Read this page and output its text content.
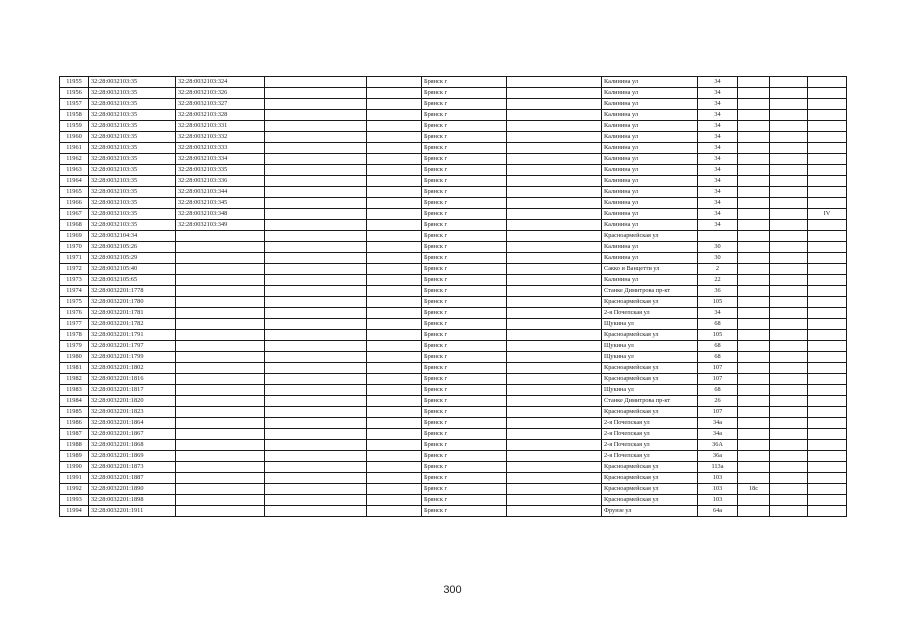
11955	32:28:0032103:35	32:28:0032103:324			Брянск г		Калинина ул	34			
11956	32:28:0032103:35	32:28:0032103:326			Брянск г		Калинина ул	34			
11957	32:28:0032103:35	32:28:0032103:327			Брянск г		Калинина ул	34			
11958	32:28:0032103:35	32:28:0032103:328			Брянск г		Калинина ул	34			
11959	32:28:0032103:35	32:28:0032103:331			Брянск г		Калинина ул	34			
11960	32:28:0032103:35	32:28:0032103:332			Брянск г		Калинина ул	34			
11961	32:28:0032103:35	32:28:0032103:333			Брянск г		Калинина ул	34			
11962	32:28:0032103:35	32:28:0032103:334			Брянск г		Калинина ул	34			
11963	32:28:0032103:35	32:28:0032103:335			Брянск г		Калинина ул	34			
11964	32:28:0032103:35	32:28:0032103:336			Брянск г		Калинина ул	34			
11965	32:28:0032103:35	32:28:0032103:344			Брянск г		Калинина ул	34			
11966	32:28:0032103:35	32:28:0032103:345			Брянск г		Калинина ул	34			
11967	32:28:0032103:35	32:28:0032103:348			Брянск г		Калинина ул	34			IV
11968	32:28:0032103:35	32:28:0032103:349			Брянск г		Калинина ул	34			
11969	32:28:0032104:34				Брянск г		Красноармейская ул				
11970	32:28:0032105:26				Брянск г		Калинина ул	30			
11971	32:28:0032105:29				Брянск г		Калинина ул	30			
11972	32:28:0032105:40				Брянск г		Сакко и Ванцетти ул	2			
11973	32:28:0032105:65				Брянск г		Калинина ул	22			
11974	32:28:0032201:1778				Брянск г		Станке Димитрова пр-кт	36			
11975	32:28:0032201:1780				Брянск г		Красноармейская ул	105			
11976	32:28:0032201:1781				Брянск г		2-я Почепская ул	34			
11977	32:28:0032201:1782				Брянск г		Щукина ул	68			
11978	32:28:0032201:1791				Брянск г		Красноармейская ул	105			
11979	32:28:0032201:1797				Брянск г		Щукина ул	68			
11980	32:28:0032201:1799				Брянск г		Щукина ул	68			
11981	32:28:0032201:1802				Брянск г		Красноармейская ул	107			
11982	32:28:0032201:1816				Брянск г		Красноармейская ул	107			
11983	32:28:0032201:1817				Брянск г		Щукина ул	68			
11984	32:28:0032201:1820				Брянск г		Станке Димитрова пр-кт	26			
11985	32:28:0032201:1823				Брянск г		Красноармейская ул	107			
11986	32:28:0032201:1864				Брянск г		2-я Почепская ул	34а			
11987	32:28:0032201:1867				Брянск г		2-я Почепская ул	34а			
11988	32:28:0032201:1868				Брянск г		2-я Почепская ул	36А			
11989	32:28:0032201:1869				Брянск г		2-я Почепская ул	36а			
11990	32:28:0032201:1873				Брянск г		Красноармейская ул	113а			
11991	32:28:0032201:1887				Брянск г		Красноармейская ул	103			
11992	32:28:0032201:1890				Брянск г		Красноармейская ул	103	18с		
11993	32:28:0032201:1898				Брянск г		Красноармейская ул	103			
11994	32:28:0032201:1911				Брянск г		Фрунзе ул	64а			
300
